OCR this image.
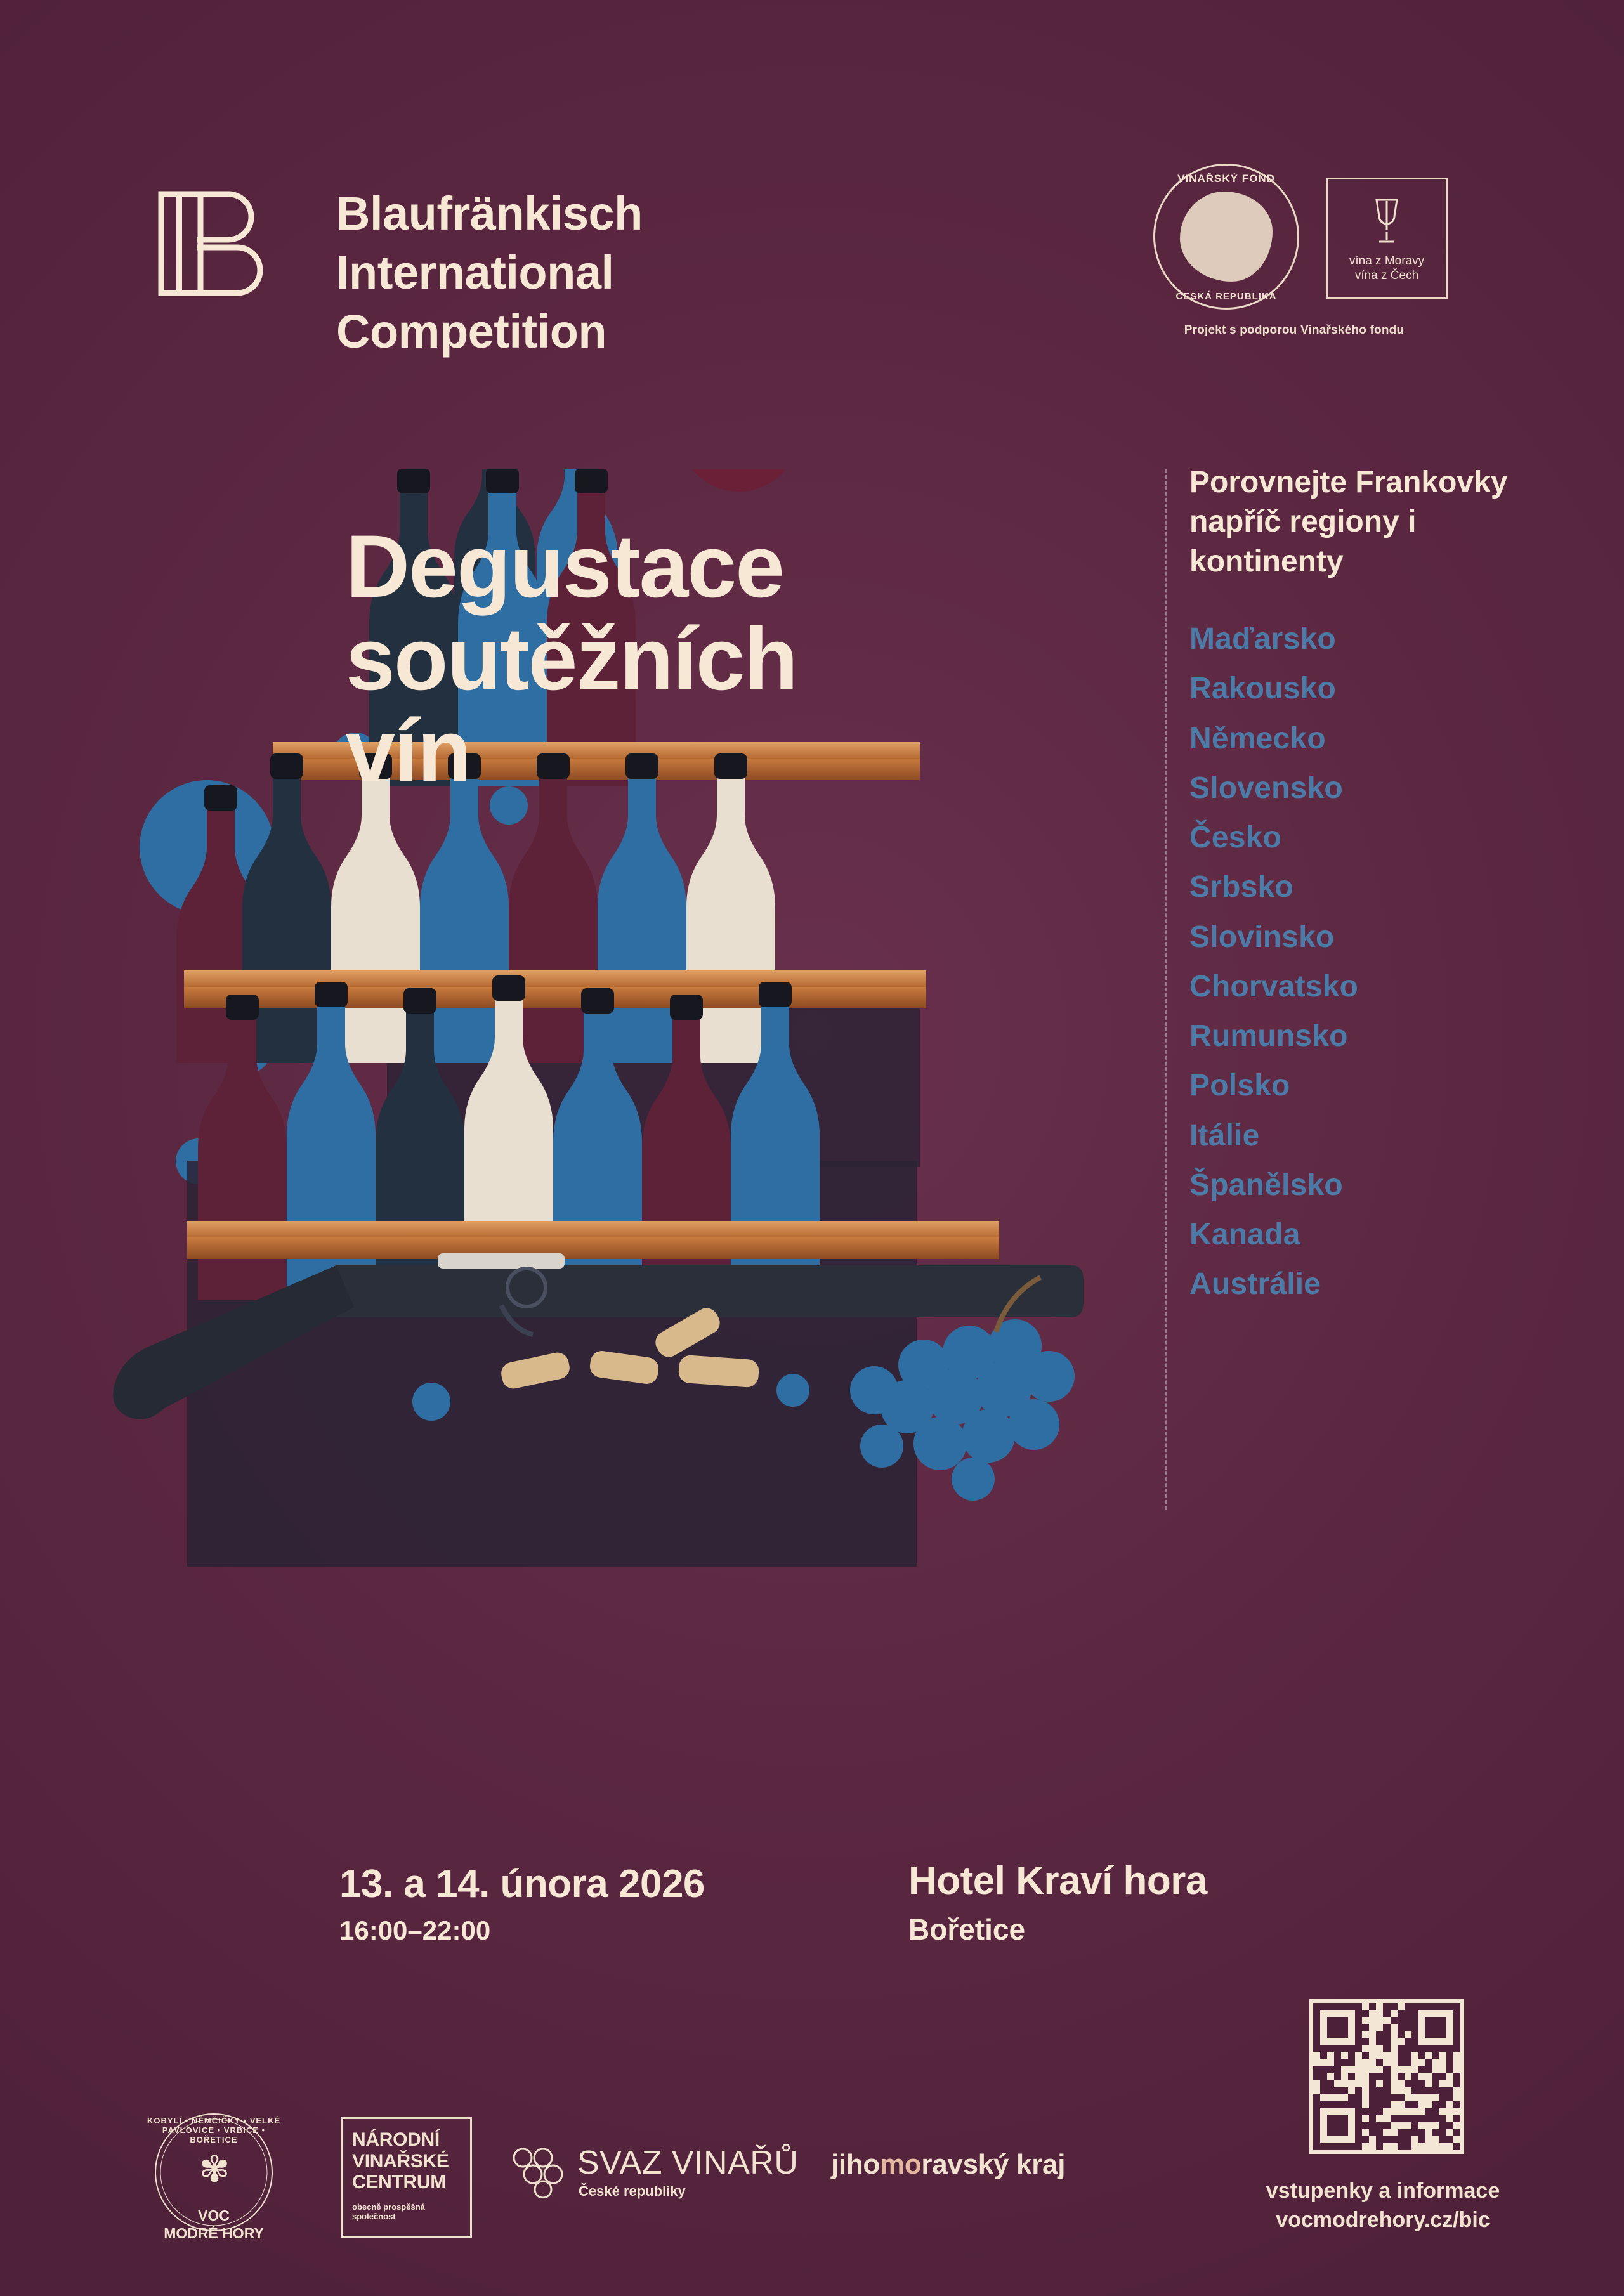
Blaufränkisch
International
Competition
VINAŘSKÝ FOND
ČESKÁ REPUBLIKA
vína z Moravy
vína z Čech
Projekt s podporou Vinařského fondu
Degustace
soutěžních
vín
Porovnejte Frankovky napříč regiony i kontinenty
Maďarsko
Rakousko
Německo
Slovensko
Česko
Srbsko
Slovinsko
Chorvatsko
Rumunsko
Polsko
Itálie
Španělsko
Kanada
Austrálie
13. a 14. února 2026
16:00–22:00
Hotel Kraví hora
Bořetice
vstupenky a informace
vocmodrehory.cz/bic
KOBYLÍ • NĚMČIČKY • VELKÉ PAVLOVICE • VRBICE • BOŘETICE
✾
VOC
MODRÉ HORY
NÁRODNÍ
VINAŘSKÉ
CENTRUM
obecně prospěšná společnost
SVAZ VINAŘŮ
České republiky
jihomoravský kraj
